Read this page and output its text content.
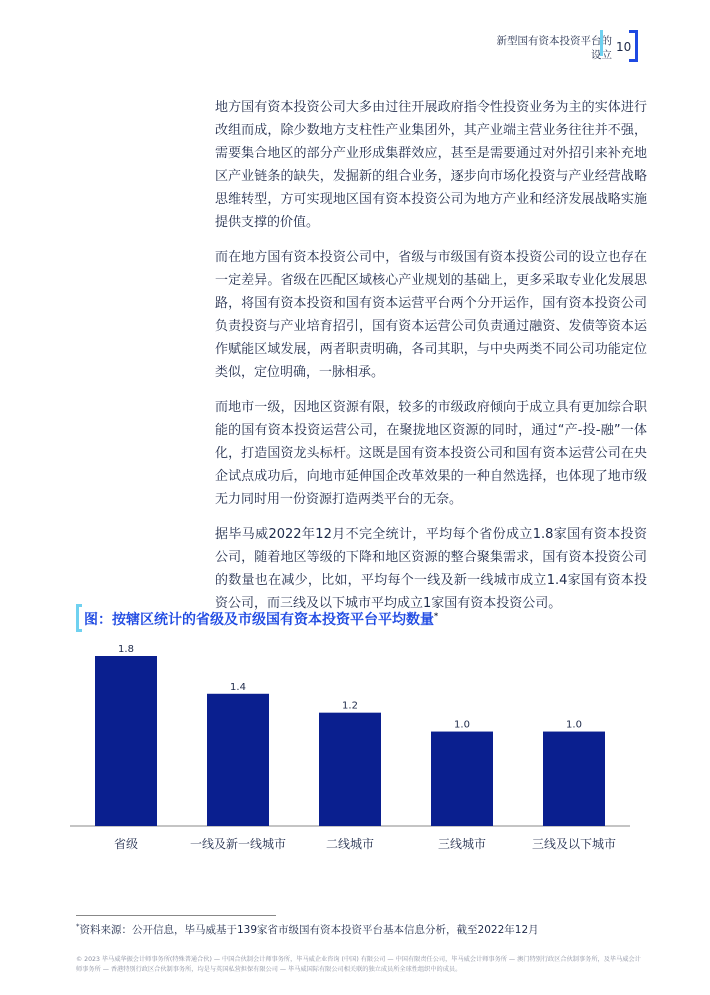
新型国有资本投资平台的
设立
10

地方国有资本投资公司大多由过往开展政府指令性投资业务为主的实体进行改组而成，除少数地方支柱性产业集团外，其产业端主营业务往往并不强，需要集合地区的部分产业形成集群效应，甚至是需要通过对外招引来补充地区产业链条的缺失，发掘新的组合业务，逐步向市场化投资与产业经营战略思维转型，方可实现地区国有资本投资公司为地方产业和经济发展战略实施提供支撑的价值。

而在地方国有资本投资公司中，省级与市级国有资本投资公司的设立也存在一定差异。省级在匹配区域核心产业规划的基础上，更多采取专业化发展思路，将国有资本投资和国有资本运营平台两个分开运作，国有资本投资公司负责投资与产业培育招引，国有资本运营公司负责通过融资、发债等资本运作赋能区域发展，两者职责明确，各司其职，与中央两类不同公司功能定位类似，定位明确，一脉相承。

而地市一级，因地区资源有限，较多的市级政府倾向于成立具有更加综合职能的国有资本投资运营公司，在聚拢地区资源的同时，通过“产-投-融”一体化，打造国资龙头标杆。这既是国有资本投资公司和国有资本运营公司在央企试点成功后，向地市延伸国企改革效果的一种自然选择，也体现了地市级无力同时用一份资源打造两类平台的无奈。

据毕马威2022年12月不完全统计，平均每个省份成立1.8家国有资本投资公司，随着地区等级的下降和地区资源的整合聚集需求，国有资本投资公司的数量也在减少，比如，平均每个一线及新一线城市成立1.4家国有资本投资公司，而三线及以下城市平均成立1家国有资本投资公司。

图：按辖区统计的省级及市级国有资本投资平台平均数量*
1.8
省级
1.4
一线及新一线城市
1.2
二线城市
1.0
三线城市
1.0
三线及以下城市
*资料来源：公开信息，毕马威基于139家省市级国有资本投资平台基本信息分析，截至2022年12月
© 2023 毕马威华振会计师事务所(特殊普通合伙) — 中国合伙制会计师事务所，毕马威企业咨询 (中国) 有限公司 — 中国有限责任公司，毕马威会计师事务所 — 澳门特别行政区合伙制事务所，及毕马威会计师事务所 — 香港特别行政区合伙制事务所，均是与英国私营担保有限公司 — 毕马威国际有限公司相关联的独立成员所全球性组织中的成员。
